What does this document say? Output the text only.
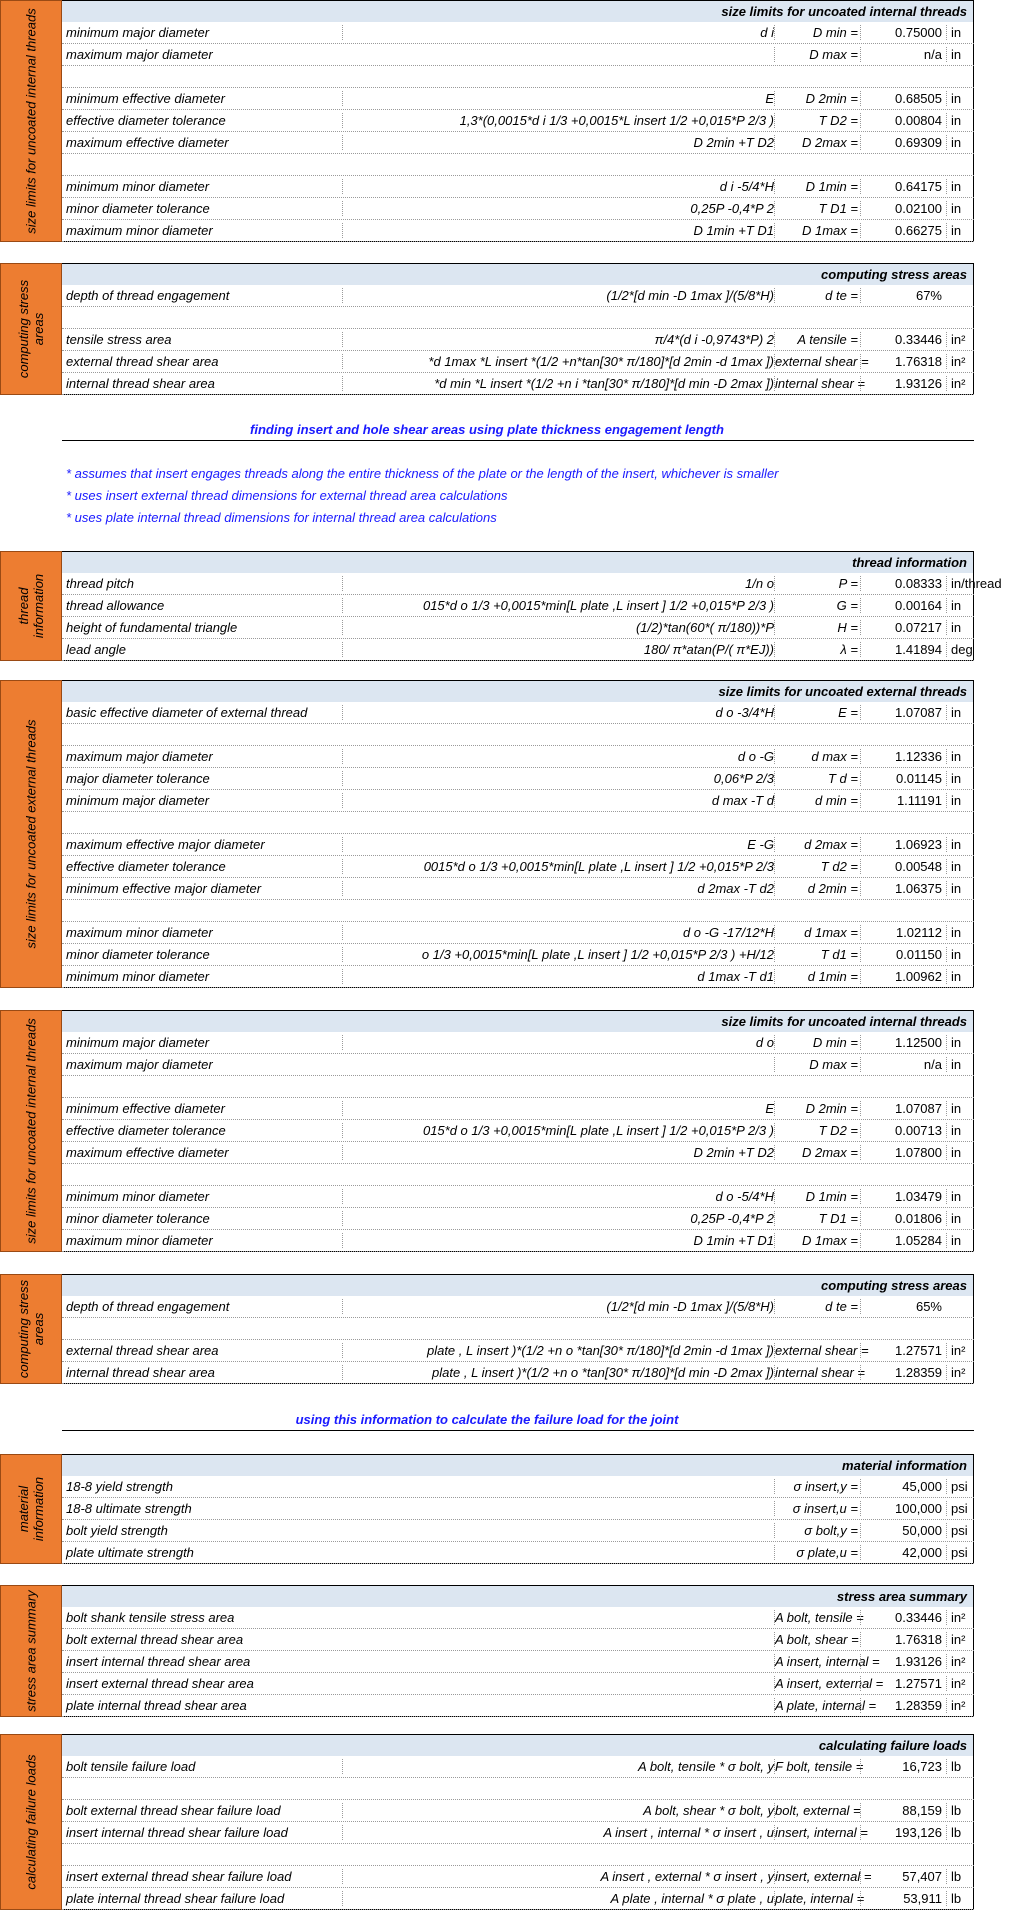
size limits for uncoated internal threads	size limits for uncoated internal threads
minimum major diameter	d i	D min =	0.75000 in
maximum major diameter	D max =	n/a in
minimum effective diameter	E	D 2min =	0.68505 in
effective diameter tolerance	1,3*(0,0015*d i 1/3 +0,0015*L insert 1/2 +0,015*P 2/3 )	T D2 =	0.00804 in
maximum effective diameter	D 2min +T D2	D 2max =	0.69309 in
minimum minor diameter	d i -5/4*H	D 1min =	0.64175 in
minor diameter tolerance	0,25P -0,4*P 2	T D1 =	0.02100 in
maximum minor diameter	D 1min +T D1	D 1max =	0.66275 in
computing stress areas
computing stress areas
depth of thread engagement	(1/2*[d min -D 1max ]/(5/8*H)	d te =	67%
tensile stress area	π/4*(d i -0,9743*P) 2	A tensile =	0.33446 in²
external thread shear area	*d 1max *L insert *(1/2 +n*tan[30* π/180]*[d 2min -d 1max ]) external shear =	1.76318 in²
internal thread shear area	*d min *L insert *(1/2 +n i *tan[30* π/180]*[d min -D 2max ]) internal shear =	1.93126 in²
thread information
thread information
thread pitch	1/n o	P =	0.08333 in/thread
thread allowance	015*d o 1/3 +0,0015*min[L plate ,L insert ] 1/2 +0,015*P 2/3 )	G =	0.00164 in
height of fundamental triangle	(1/2)*tan(60*( π/180))*P	H =	0.07217 in
lead angle	180/ π*atan(P/( π*EJ))	λ =	1.41894 deg
size limits for uncoated external threads
size limits for uncoated external threads
basic effective diameter of external thread	d o -3/4*H	E =	1.07087 in
maximum major diameter	d o -G	d max =	1.12336 in
major diameter tolerance	0,06*P 2/3	T d =	0.01145 in
minimum major diameter	d max -T d	d min =	1.11191 in
maximum effective major diameter	E -G	d 2max =	1.06923 in
effective diameter tolerance	0015*d o 1/3 +0,0015*min[L plate ,L insert ] 1/2 +0,015*P 2/3	T d2 =	0.00548 in
minimum effective major diameter	d 2max -T d2	d 2min =	1.06375 in
maximum minor diameter	d o -G -17/12*H	d 1max =	1.02112 in
minor diameter tolerance	o 1/3 +0,0015*min[L plate ,L insert ] 1/2 +0,015*P 2/3 ) +H/12	T d1 =	0.01150 in
minimum minor diameter	d 1max -T d1	d 1min =	1.00962 in
size limits for uncoated internal threads	size limits for uncoated internal threads
minimum major diameter	d o	D min =	1.12500 in
maximum major diameter	D max =	n/a in
minimum effective diameter	E	D 2min =	1.07087 in
effective diameter tolerance	015*d o 1/3 +0,0015*min[L plate ,L insert ] 1/2 +0,015*P 2/3 )	T D2 =	0.00713 in
maximum effective diameter	D 2min +T D2	D 2max =	1.07800 in
minimum minor diameter	d o -5/4*H	D 1min =	1.03479 in
minor diameter tolerance	0,25P -0,4*P 2	T D1 =	0.01806 in
maximum minor diameter	D 1min +T D1	D 1max =	1.05284 in
computing stress areas
computing stress areas
depth of thread engagement	(1/2*[d min -D 1max ]/(5/8*H)	d te =	65%
external thread shear area	plate , L insert )*(1/2 +n o *tan[30* π/180]*[d 2min -d 1max ]) external shear =	1.27571 in²
internal thread shear area	plate , L insert )*(1/2 +n o *tan[30* π/180]*[d min -D 2max ]) internal shear =	1.28359 in²
material information
material information
18-8 yield strength	σ insert,y =	45,000 psi
18-8 ultimate strength	σ insert,u =	100,000 psi
bolt yield strength	σ bolt,y =	50,000 psi
plate ultimate strength	σ plate,u =	42,000 psi
stress area summary	stress area summary
bolt shank tensile stress area	A bolt, tensile =	0.33446 in²
bolt external thread shear area	A bolt, shear =	1.76318 in²
insert internal thread shear area	A insert, internal =	1.93126 in²
insert external thread shear area	A insert, external = 1.27571 in²
plate internal thread shear area	A plate, internal =	1.28359 in²
calculating failure loads
calculating failure loads
bolt tensile failure load	A bolt, tensile * σ bolt, y F bolt, tensile =	16,723 lb
bolt external thread shear failure load	A bolt, shear * σ bolt, y bolt, external =	88,159 lb
insert internal thread shear failure load	A insert , internal * σ insert , u insert, internal =	193,126 lb
insert external thread shear failure load	A insert , external * σ insert , y insert, external =	57,407 lb
plate internal thread shear failure load	A plate , internal * σ plate , u plate, internal =	53,911 lb
finding insert and hole shear areas using plate thickness engagement length
* assumes that insert engages threads along the entire thickness of the plate or the length of the insert, whichever is smaller
* uses insert external thread dimensions for external thread area calculations
* uses plate internal thread dimensions for internal thread area calculations
using this information to calculate the failure load for the joint
